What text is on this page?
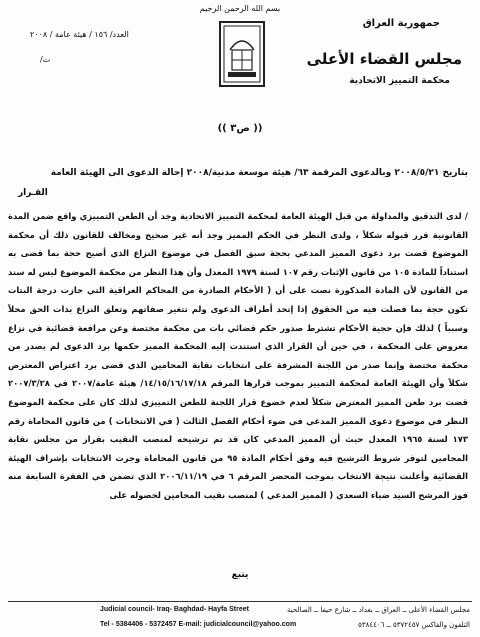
بسم الله الرحمن الرحيم
العدد/ ١٥٦ / هيئة عامة / ٢٠٠٨
ت/
جمهورية العراق
مجلس القضاء الأعلى
محكمة التمييز الاتحادية
(( ص٣ ))
بتاريخ ٢٠٠٨/٥/٢١ وبالدعوى المرقمة ٦٣/ هيئة موسعة مدنية/٢٠٠٨ إحالة الدعوى الى الهيئة العامة
القـرار
/ لدى التدقيق والمداولة من قبل الهيئة العامة لمحكمة التمييز الاتحادية وجد أن الطعن التمييزي واقع ضمن المدة القانونية قرر قبوله شكلاً ، ولدى النظر في الحكم المميز وجد أنه غير صحيح ومخالف للقانون ذلك أن محكمة الموضوع قضت برد دعوى المميز المدعي بحجة سبق الفصل في موضوع النزاع الذي أصبح حجة بما قضى به استناداً للمادة ١٠٥ من قانون الإثبات رقم ١٠٧ لسنة ١٩٧٩ المعدل وأن هذا النظر من محكمة الموضوع ليس له سند من القانون لأن المادة المذكورة نصت على أن ( الأحكام الصادرة من المحاكم العراقية التي حازت درجة البتات تكون حجة بما فصلت فيه من الحقوق إذا إتحد أطراف الدعوى ولم تتغير صفاتهم وتعلق النزاع بذات الحق محلاً وسبباً ) لذلك فإن حجية الأحكام تشترط صدور حكم قضائي بات من محكمة مختصة وعن مرافعة قضائية في نزاع معروض على المحكمة ، في حين أن القرار الذي استندت إليه المحكمة المميز حكمها برد الدعوى لم يصدر من محكمة مختصة وإنما صدر من اللجنة المشرفة على انتخابات نقابة المحامين الذي قضى برد اعتراض المعترض شكلاً وأن الهيئة العامة لمحكمة التمييز بموجب قرارها المرقم ١٤/١٥/١٦/١٧/١٨/ هيئة عامة/٢٠٠٧ في ٢٠٠٧/٣/٢٨ قضت برد طعن المميز المعترض شكلاً لعدم خضوع قرار اللجنة للطعن التمييزي لذلك كان على محكمة الموضوع النظر في موضوع دعوى المميز المدعي في ضوء أحكام الفصل الثالث ( في الانتخابات ) من قانون المحاماة رقم ١٧٣ لسنة ١٩٦٥ المعدل حيث أن المميز المدعي كان قد تم ترشيحه لمنصب النقيب بقرار من مجلس نقابة المحامين لتوفر شروط الترشيح فيه وفق أحكام المادة ٩٥ من قانون المحاماة وجرت الانتخابات بإشراف الهيئة القضائية وأعلنت نتيجة الانتخاب بموجب المحضر المرقم ٦ في ٢٠٠٦/١١/١٩ الذي تضمن في الفقرة السابعة منه فوز المرشح السيد ضياء السعدي ( المميز المدعي ) لمنصب نقيب المحامين لحصوله على
يتبع
Judicial council- Iraq- Baghdad- Hayfa Street
Tel - 5384406 - 5372457 E-mail: judicialcouncil@yahoo.com
مجلس القضاء الأعلى ــ العراق ــ بغداد ــ شارع حيفا ــ الصالحية
التلفون والفاكس ٥٣٧٢٤٥٧ ــ ٥٣٨٤٤٠٦
